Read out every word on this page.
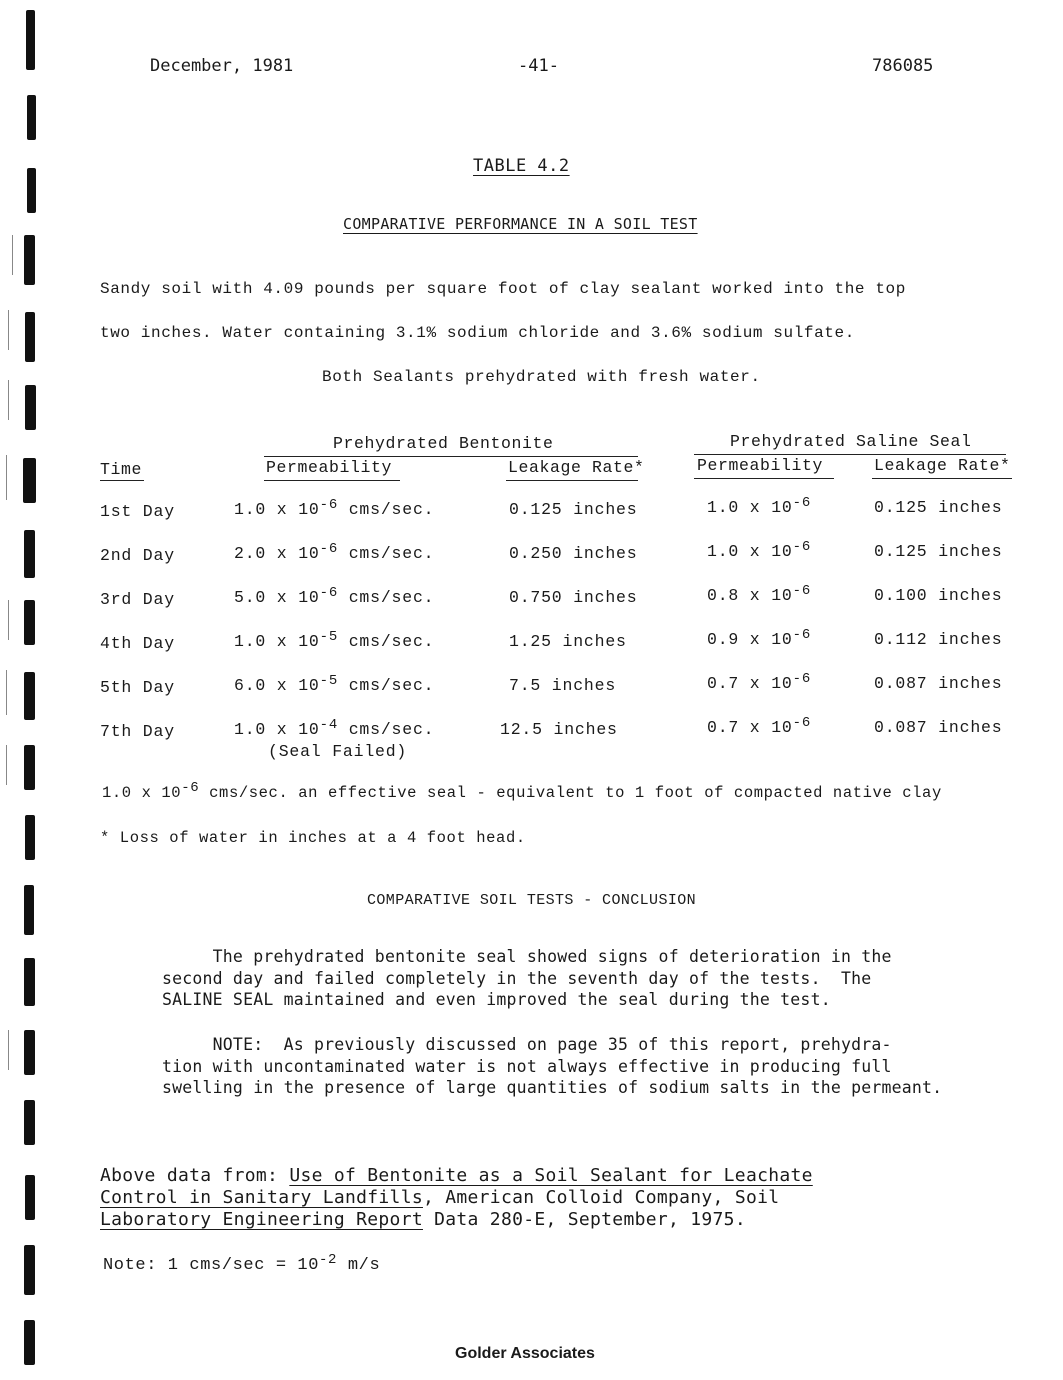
December, 1981	-41-	786085
TABLE 4.2
COMPARATIVE PERFORMANCE IN A SOIL TEST
Sandy soil with 4.09 pounds per square foot of clay sealant worked into the top
two inches. Water containing 3.1% sodium chloride and 3.6% sodium sulfate.
Both Sealants prehydrated with fresh water.
Prehydrated Bentonite	Prehydrated Saline Seal
Time	Permeability	Leakage Rate*	Permeability	Leakage Rate*
1st Day	1.0 x $10^{-6}$ cms/sec.	0.125 inches	1.0 x $10^{-6}$	0.125 inches
2nd Day	2.0 x $10^{-6}$ cms/sec.	0.250 inches	1.0 x $10^{-6}$	0.125 inches
3rd Day	5.0 x $10^{-6}$ cms/sec.	0.750 inches	0.8 x $10^{-6}$	0.100 inches
4th Day	1.0 x $10^{-5}$ cms/sec.	1.25 inches	0.9 x $10^{-6}$	0.112 inches
5th Day	6.0 x $10^{-5}$ cms/sec.	7.5 inches	0.7 x $10^{-6}$	0.087 inches
7th Day	1.0 x $10^{-4}$ cms/sec.	12.5 inches	0.7 x $10^{-6}$	0.087 inches
(Seal Failed)
1.0 x $10^{-6}$ cms/sec. an effective seal - equivalent to 1 foot of compacted native clay
* Loss of water in inches at a 4 foot head.
COMPARATIVE SOIL TESTS - CONCLUSION
The prehydrated bentonite seal showed signs of deterioration in the
second day and failed completely in the seventh day of the tests.  The
SALINE SEAL maintained and even improved the seal during the test.
NOTE:  As previously discussed on page 35 of this report, prehydra-
tion with uncontaminated water is not always effective in producing full
swelling in the presence of large quantities of sodium salts in the permeant.
Above data from: Use of Bentonite as a Soil Sealant for Leachate
Control in Sanitary Landfills, American Colloid Company, Soil
Laboratory Engineering Report Data 280-E, September, 1975.
Note: 1 $cms/\sec = 10^{-2}$ m/s
Golder Associates
